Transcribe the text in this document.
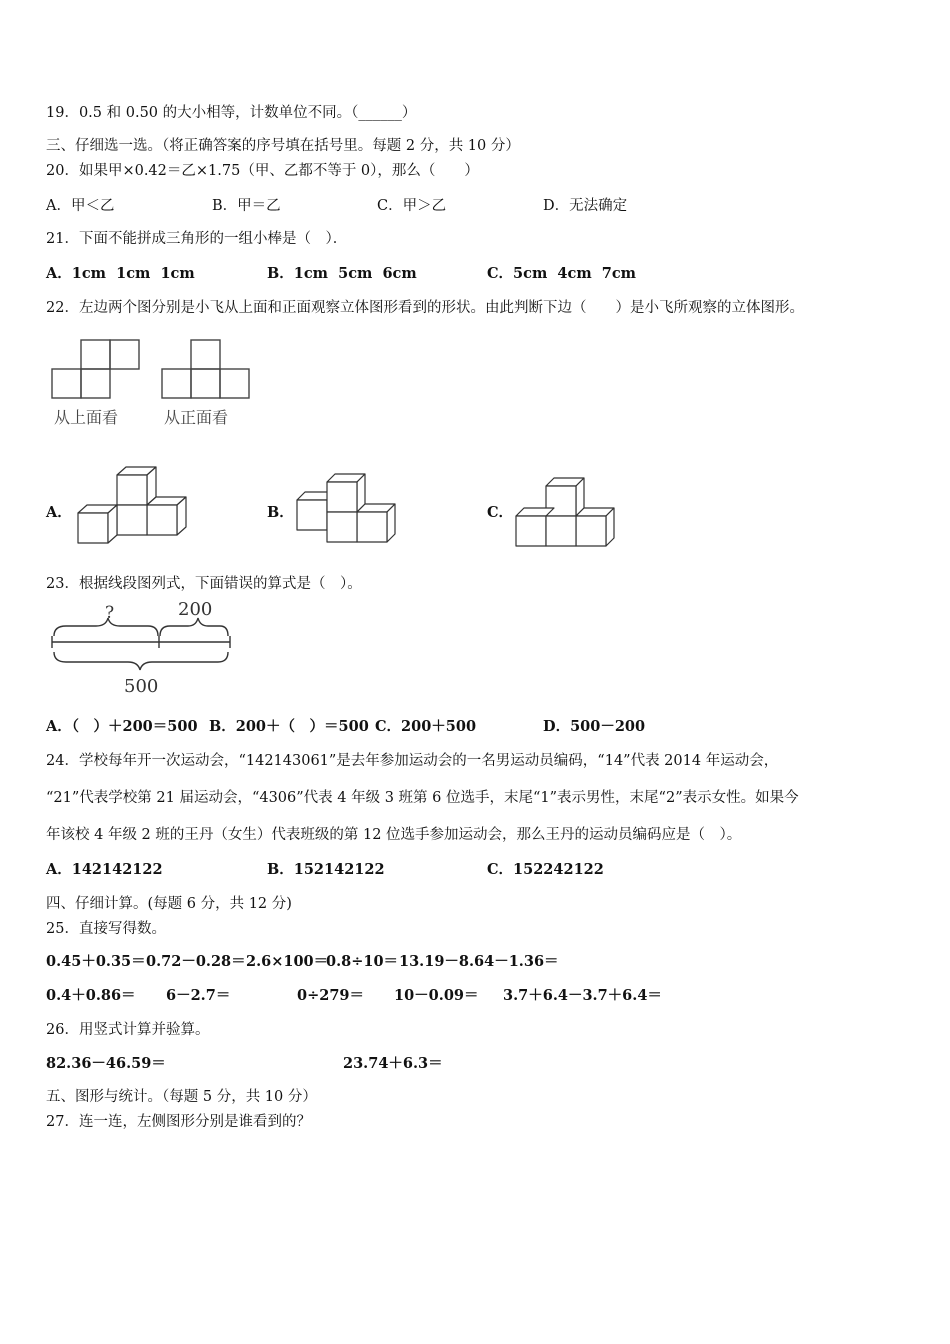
19．0.5 和 0.50 的大小相等，计数单位不同。（______）
三、仔细选一选。（将正确答案的序号填在括号里。每题 2 分，共 10 分）
20．如果甲×0.42＝乙×1.75（甲、乙都不等于 0），那么（　　）
A．甲＜乙	B．甲＝乙	C．甲＞乙	D．无法确定
21．下面不能拼成三角形的一组小棒是（　）．
A．1cm  1cm  1cm	B．1cm  5cm  6cm	C．5cm  4cm  7cm
22．左边两个图分别是小飞从上面和正面观察立体图形看到的形状。由此判断下边（　　）是小飞所观察的立体图形。
从上面看	从正面看
A．	B．	C．
23．根据线段图列式，下面错误的算式是（　）。
?	200
500
A．（　）＋200＝500 B．200＋（　）＝500 C．200＋500	D．500－200
24．学校每年开一次运动会，“142143061”是去年参加运动会的一名男运动员编码，“14”代表 2014 年运动会，
“21”代表学校第 21 届运动会，“4306”代表 4 年级 3 班第 6 位选手，末尾“1”表示男性，末尾“2”表示女性。如果今
年该校 4 年级 2 班的王丹（女生）代表班级的第 12 位选手参加运动会，那么王丹的运动员编码应是（　）。
A．142142122	B．152142122	C．152242122
四、仔细计算。(每题 6 分，共 12 分)
25．直接写得数。
0.45＋0.35＝ 0.72－0.28＝ 2.6×100＝
0.8÷10＝ 13.19－8.64－1.36＝
0.4＋0.86＝ 6－2.7＝	0÷279＝ 10－0.09＝ 3.7＋6.4－3.7＋6.4＝
26．用竖式计算并验算。
82.36－46.59＝	23.74＋6.3＝
五、图形与统计。（每题 5 分，共 10 分）
27．连一连，左侧图形分别是谁看到的？
